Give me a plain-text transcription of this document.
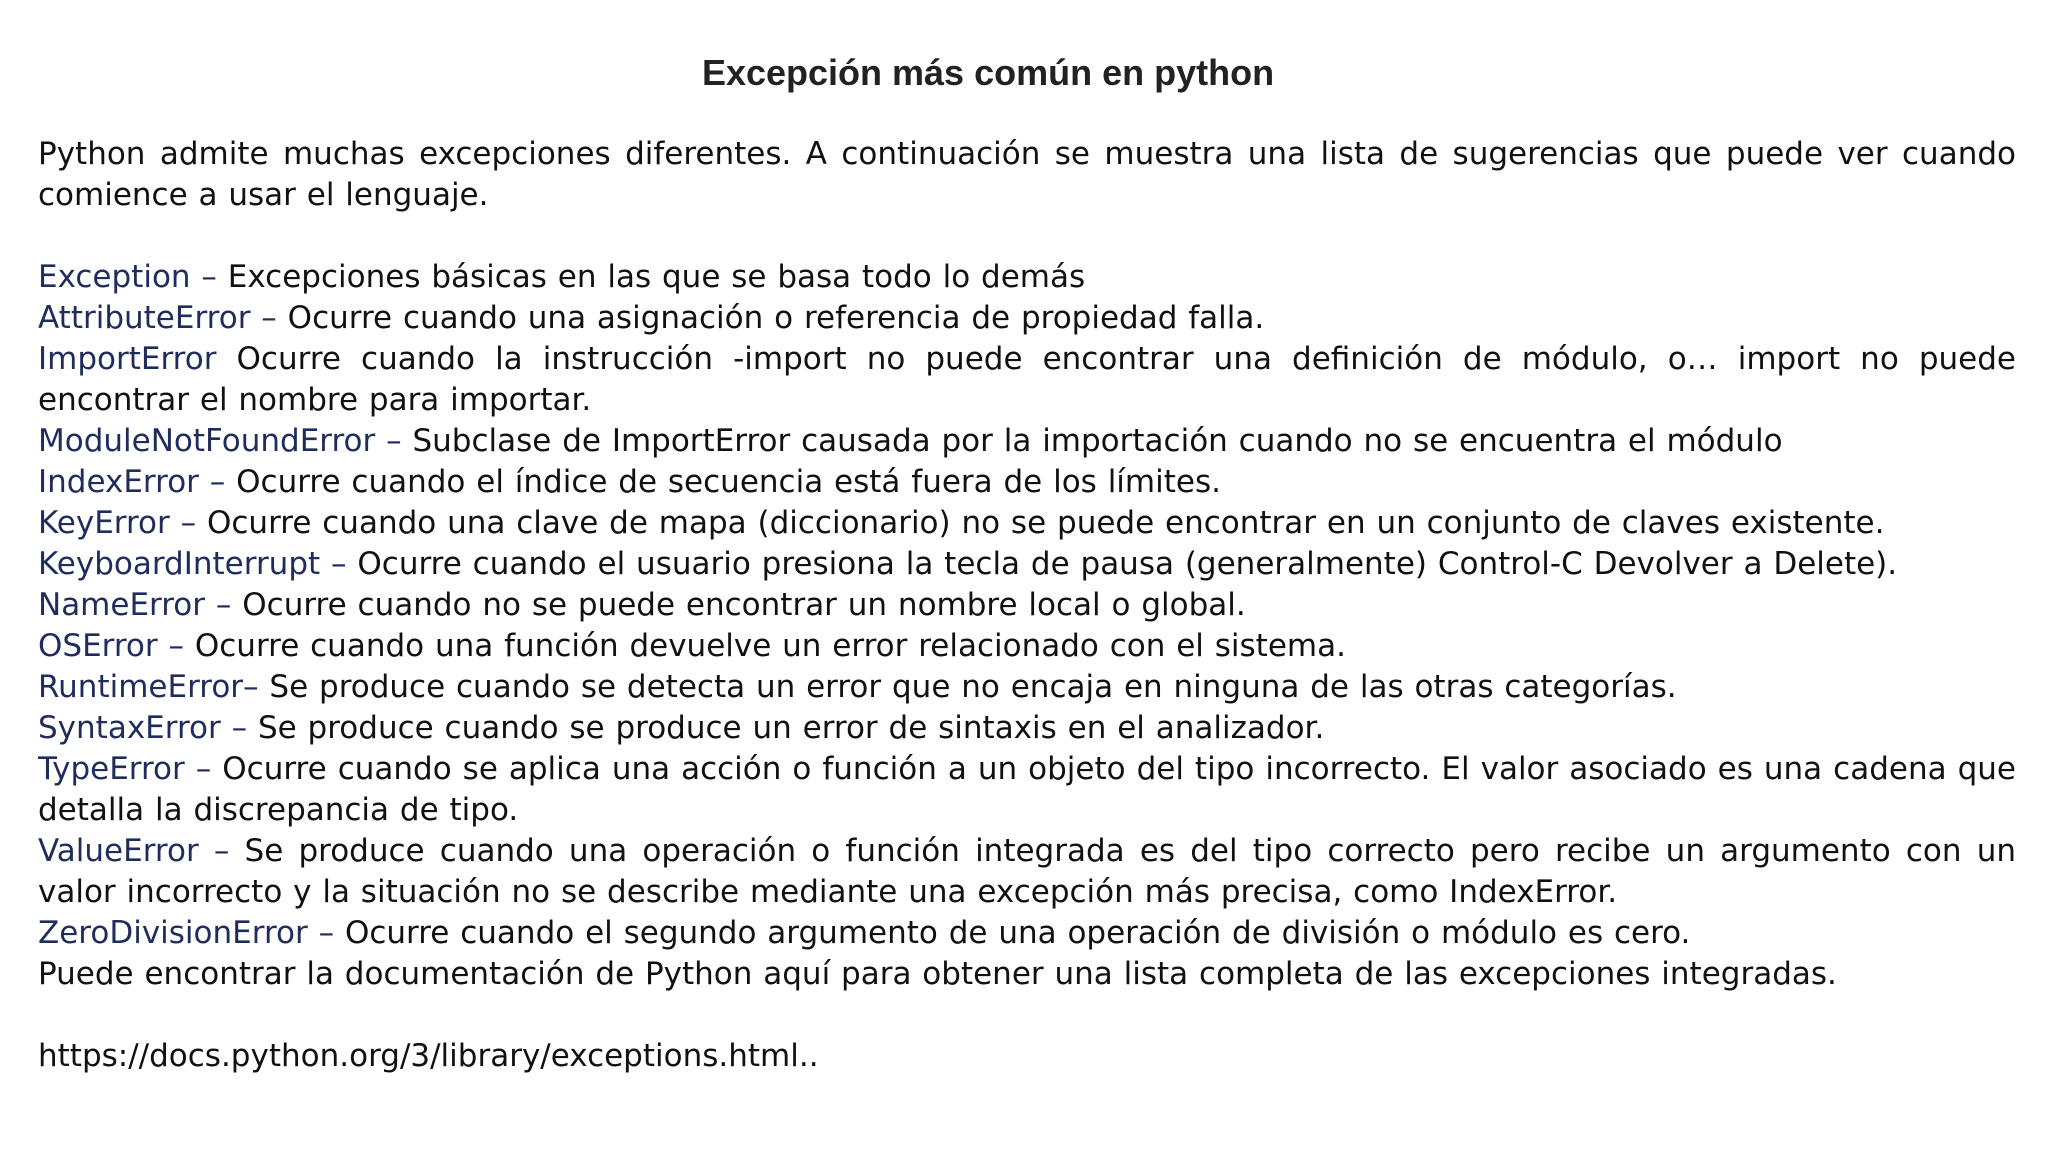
Excepción más común en python

Python admite muchas excepciones diferentes. A continuación se muestra una lista de sugerencias que puede ver cuando comience a usar el lenguaje.

Exception – Excepciones básicas en las que se basa todo lo demás
AttributeError – Ocurre cuando una asignación o referencia de propiedad falla.
ImportError Ocurre cuando la instrucción -import no puede encontrar una definición de módulo, o… import no puede encontrar el nombre para importar.
ModuleNotFoundError – Subclase de ImportError causada por la importación cuando no se encuentra el módulo
IndexError – Ocurre cuando el índice de secuencia está fuera de los límites.
KeyError – Ocurre cuando una clave de mapa (diccionario) no se puede encontrar en un conjunto de claves existente.
KeyboardInterrupt – Ocurre cuando el usuario presiona la tecla de pausa (generalmente) Control-C Devolver a Delete).
NameError – Ocurre cuando no se puede encontrar un nombre local o global.
OSError – Ocurre cuando una función devuelve un error relacionado con el sistema.
RuntimeError– Se produce cuando se detecta un error que no encaja en ninguna de las otras categorías.
SyntaxError – Se produce cuando se produce un error de sintaxis en el analizador.
TypeError – Ocurre cuando se aplica una acción o función a un objeto del tipo incorrecto. El valor asociado es una cadena que detalla la discrepancia de tipo.
ValueError – Se produce cuando una operación o función integrada es del tipo correcto pero recibe un argumento con un valor incorrecto y la situación no se describe mediante una excepción más precisa, como IndexError.
ZeroDivisionError – Ocurre cuando el segundo argumento de una operación de división o módulo es cero.

Puede encontrar la documentación de Python aquí para obtener una lista completa de las excepciones integradas.

https://docs.python.org/3/library/exceptions.html..
